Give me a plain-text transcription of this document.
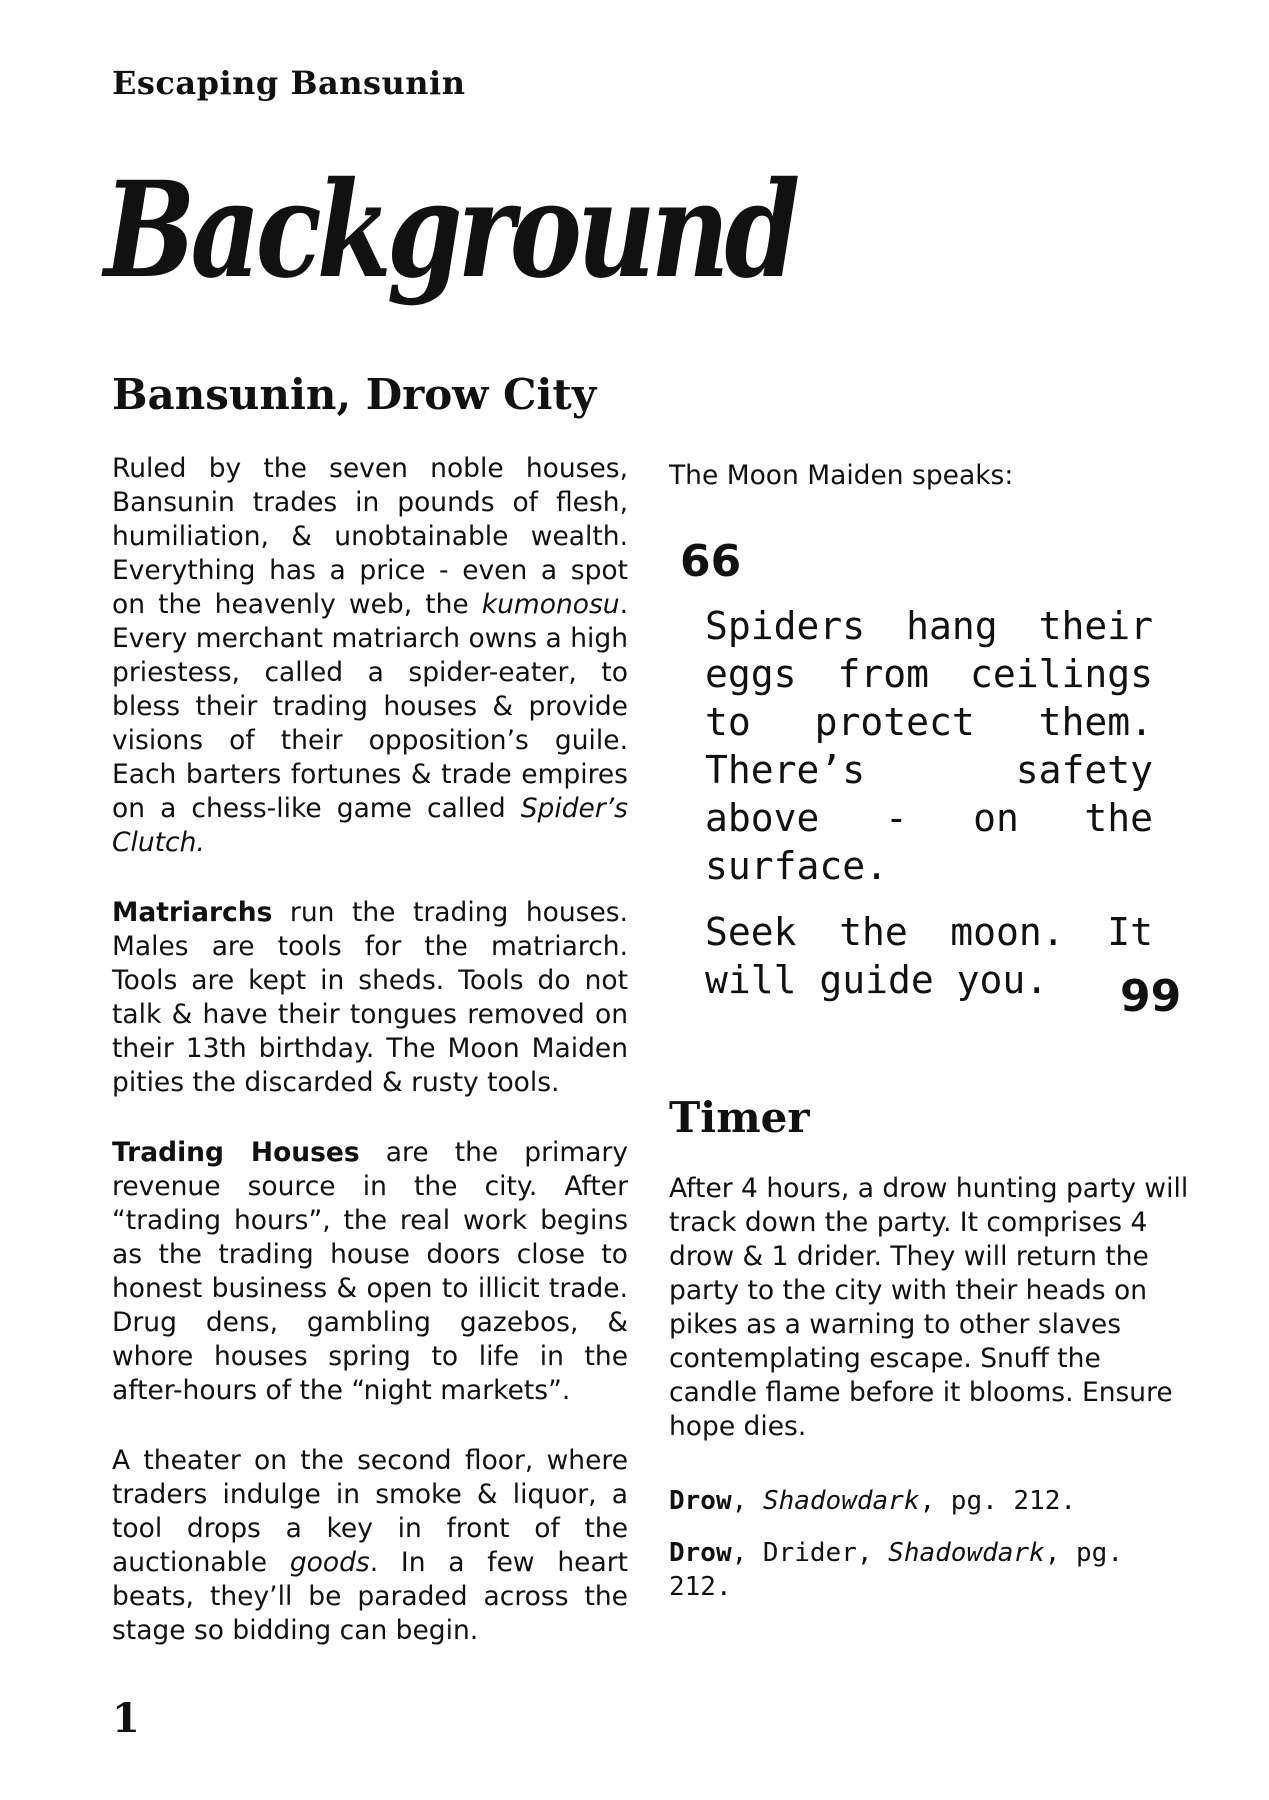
Escaping Bansunin
Background
Bansunin, Drow City

Ruled by the seven noble houses, Bansunin trades in pounds of flesh, humiliation, & unobtainable wealth. Everything has a price - even a spot on the heavenly web, the kumonosu. Every merchant matriarch owns a high priestess, called a spider-eater, to bless their trading houses & provide visions of their opposition’s guile. Each barters fortunes & trade empires on a chess-like game called Spider’s Clutch.

Matriarchs run the trading houses. Males are tools for the matriarch. Tools are kept in sheds. Tools do not talk & have their tongues removed on their 13th birthday. The Moon Maiden pities the discarded & rusty tools.

Trading Houses are the primary revenue source in the city. After “trading hours”, the real work begins as the trading house doors close to honest business & open to illicit trade. Drug dens, gambling gazebos, & whore houses spring to life in the after-hours of the “night markets”.

A theater on the second floor, where traders indulge in smoke & liquor, a tool drops a key in front of the auctionable goods. In a few heart beats, they’ll be paraded across the stage so bidding can begin.

The Moon Maiden speaks:

66

Spiders hang their eggs from ceilings to protect them. There’s safety above - on the surface.

Seek the moon. It will guide you.	99
Timer

After 4 hours, a drow hunting party will track down the party. It comprises 4 drow & 1 drider. They will return the party to the city with their heads on pikes as a warning to other slaves contemplating escape. Snuff the candle flame before it blooms. Ensure hope dies.

Drow, Shadowdark, pg. 212.

Drow, Drider, Shadowdark, pg. 212.

1
